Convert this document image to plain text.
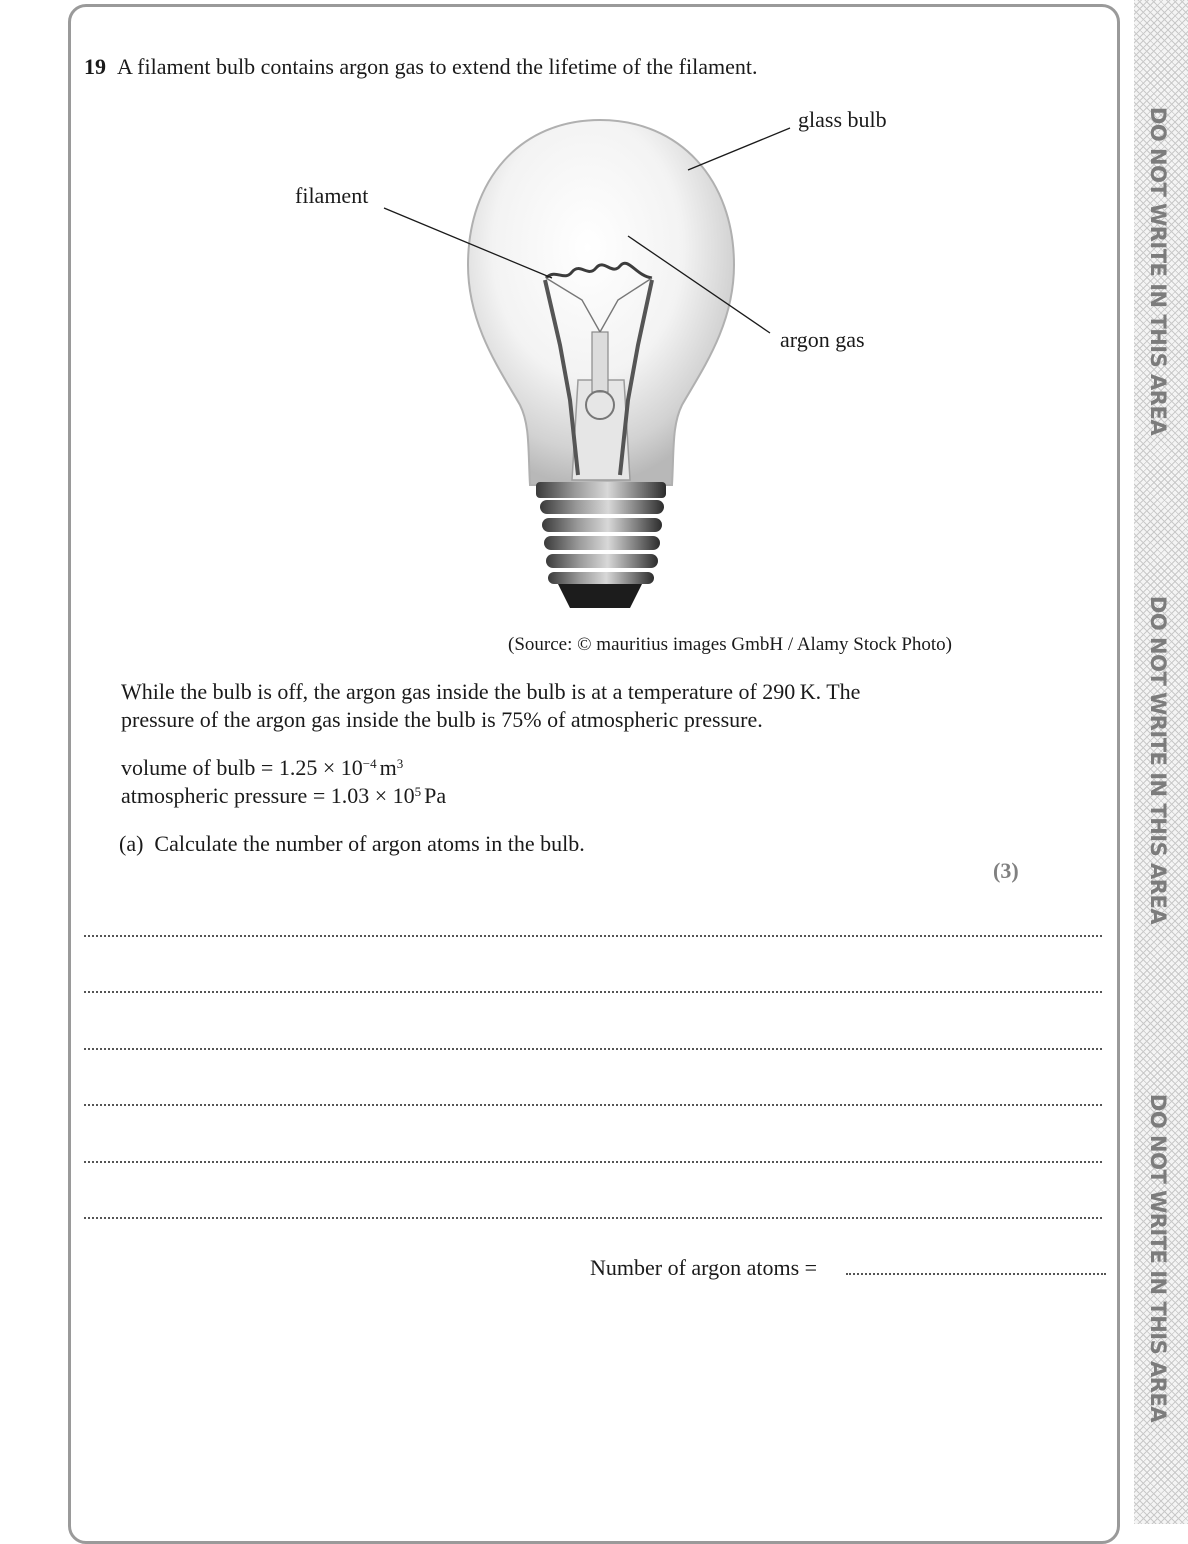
DO NOT WRITE IN THIS AREA
DO NOT WRITE IN THIS AREA
DO NOT WRITE IN THIS AREA
19 A filament bulb contains argon gas to extend the lifetime of the filament.
glass bulb
filament
argon gas
(Source: © mauritius images GmbH / Alamy Stock Photo)
While the bulb is off, the argon gas inside the bulb is at a temperature of 290 K. The
pressure of the argon gas inside the bulb is 75% of atmospheric pressure.
volume of bulb = $1.25 \times 10^{-4}$ $m^3$
atmospheric pressure = $1.03 \times 10^5$ Pa
(a) Calculate the number of argon atoms in the bulb.
(3)
Number of argon atoms =
